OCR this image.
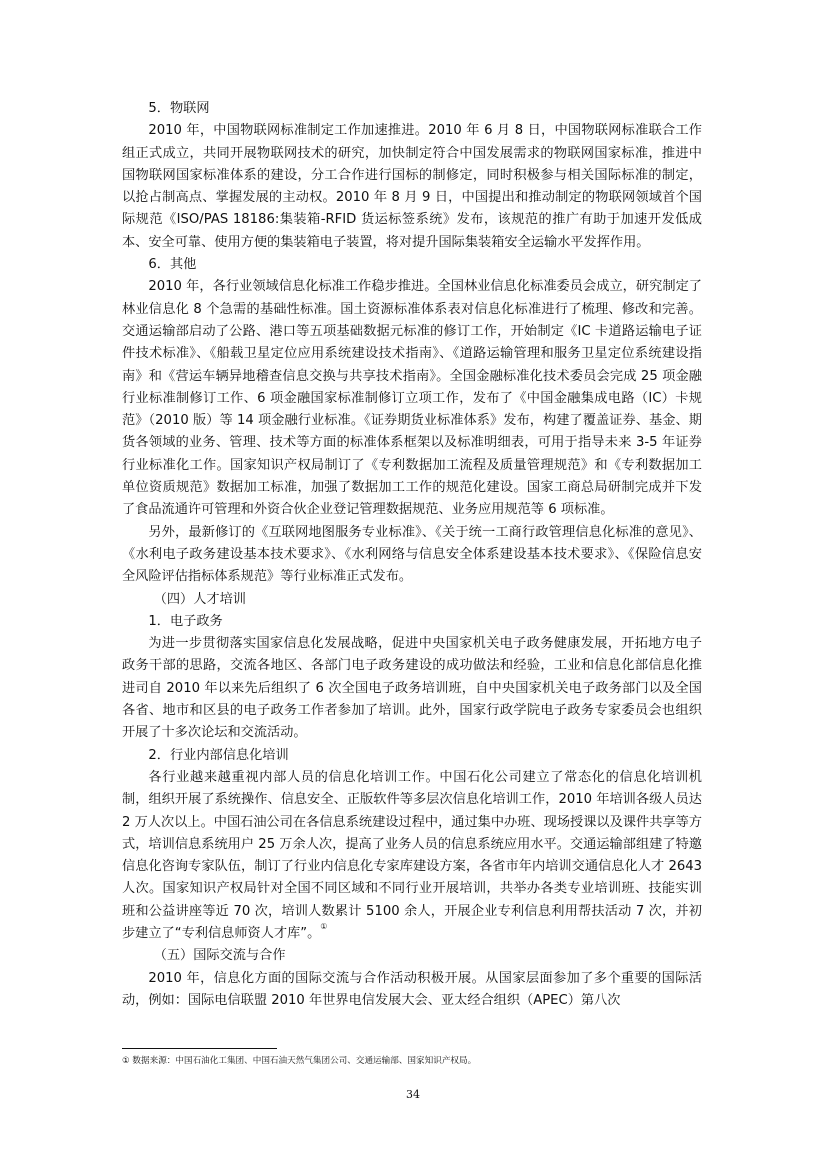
5．物联网

2010 年，中国物联网标准制定工作加速推进。2010 年 6 月 8 日，中国物联网标准联合工作组正式成立，共同开展物联网技术的研究，加快制定符合中国发展需求的物联网国家标准，推进中国物联网国家标准体系的建设，分工合作进行国标的制修定，同时积极参与相关国际标准的制定，以抢占制高点、掌握发展的主动权。2010 年 8 月 9 日，中国提出和推动制定的物联网领域首个国际规范《ISO/PAS 18186:集装箱-RFID 货运标签系统》发布，该规范的推广有助于加速开发低成本、安全可靠、使用方便的集装箱电子装置，将对提升国际集装箱安全运输水平发挥作用。

6．其他

2010 年，各行业领域信息化标准工作稳步推进。全国林业信息化标准委员会成立，研究制定了林业信息化 8 个急需的基础性标准。国土资源标准体系表对信息化标准进行了梳理、修改和完善。交通运输部启动了公路、港口等五项基础数据元标准的修订工作，开始制定《IC 卡道路运输电子证件技术标准》、《船载卫星定位应用系统建设技术指南》、《道路运输管理和服务卫星定位系统建设指南》和《营运车辆异地稽查信息交换与共享技术指南》。全国金融标准化技术委员会完成 25 项金融行业标准制修订工作、6 项金融国家标准制修订立项工作，发布了《中国金融集成电路（IC）卡规范》（2010 版）等 14 项金融行业标准。《证券期货业标准体系》发布，构建了覆盖证券、基金、期货各领域的业务、管理、技术等方面的标准体系框架以及标准明细表，可用于指导未来 3-5 年证券行业标准化工作。国家知识产权局制订了《专利数据加工流程及质量管理规范》和《专利数据加工单位资质规范》数据加工标准，加强了数据加工工作的规范化建设。国家工商总局研制完成并下发了食品流通许可管理和外资合伙企业登记管理数据规范、业务应用规范等 6 项标准。

另外，最新修订的《互联网地图服务专业标准》、《关于统一工商行政管理信息化标准的意见》、《水利电子政务建设基本技术要求》、《水利网络与信息安全体系建设基本技术要求》、《保险信息安全风险评估指标体系规范》等行业标准正式发布。

（四）人才培训

1．电子政务

为进一步贯彻落实国家信息化发展战略，促进中央国家机关电子政务健康发展，开拓地方电子政务干部的思路，交流各地区、各部门电子政务建设的成功做法和经验，工业和信息化部信息化推进司自 2010 年以来先后组织了 6 次全国电子政务培训班，自中央国家机关电子政务部门以及全国各省、地市和区县的电子政务工作者参加了培训。此外，国家行政学院电子政务专家委员会也组织开展了十多次论坛和交流活动。

2．行业内部信息化培训

各行业越来越重视内部人员的信息化培训工作。中国石化公司建立了常态化的信息化培训机制，组织开展了系统操作、信息安全、正版软件等多层次信息化培训工作，2010 年培训各级人员达 2 万人次以上。中国石油公司在各信息系统建设过程中，通过集中办班、现场授课以及课件共享等方式，培训信息系统用户 25 万余人次，提高了业务人员的信息系统应用水平。交通运输部组建了特邀信息化咨询专家队伍，制订了行业内信息化专家库建设方案，各省市年内培训交通信息化人才 2643 人次。国家知识产权局针对全国不同区域和不同行业开展培训，共举办各类专业培训班、技能实训班和公益讲座等近 70 次，培训人数累计 5100 余人，开展企业专利信息利用帮扶活动 7 次，并初步建立了“专利信息师资人才库”。①

（五）国际交流与合作

2010 年，信息化方面的国际交流与合作活动积极开展。从国家层面参加了多个重要的国际活动，例如：国际电信联盟 2010 年世界电信发展大会、亚太经合组织（APEC）第八次

① 数据来源：中国石油化工集团、中国石油天然气集团公司、交通运输部、国家知识产权局。

34
